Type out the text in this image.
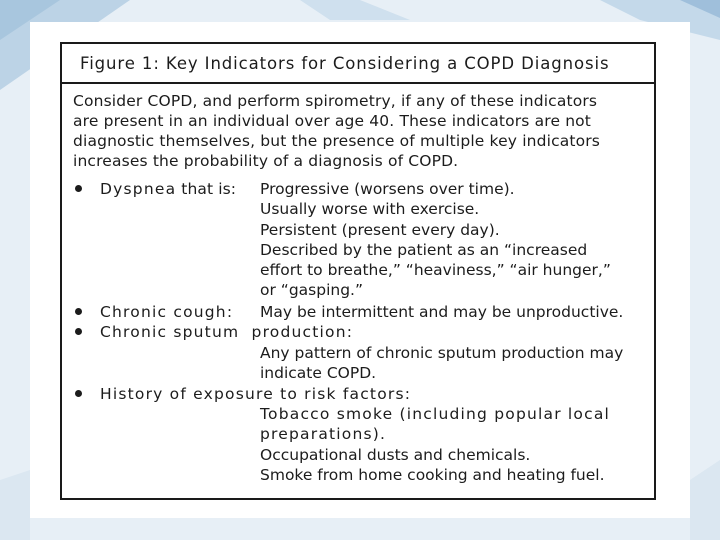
Figure 1: Key Indicators for Considering a COPD Diagnosis
Consider COPD, and perform spirometry, if any of these indicators
are present in an individual over age 40. These indicators are not
diagnostic themselves, but the presence of multiple key indicators
increases the probability of a diagnosis of COPD.
Dyspnea that is: Progressive (worsens over time).
Usually worse with exercise.
Persistent (present every day).
Described by the patient as an “increased
effort to breathe,” “heaviness,” “air hunger,”
or “gasping.”
Chronic cough: May be intermittent and may be unproductive.
Chronic sputum  production:
Any pattern of chronic sputum production may
indicate COPD.
History of exposure to risk factors:
Tobacco smoke (including popular local
preparations).
Occupational dusts and chemicals.
Smoke from home cooking and heating fuel.
